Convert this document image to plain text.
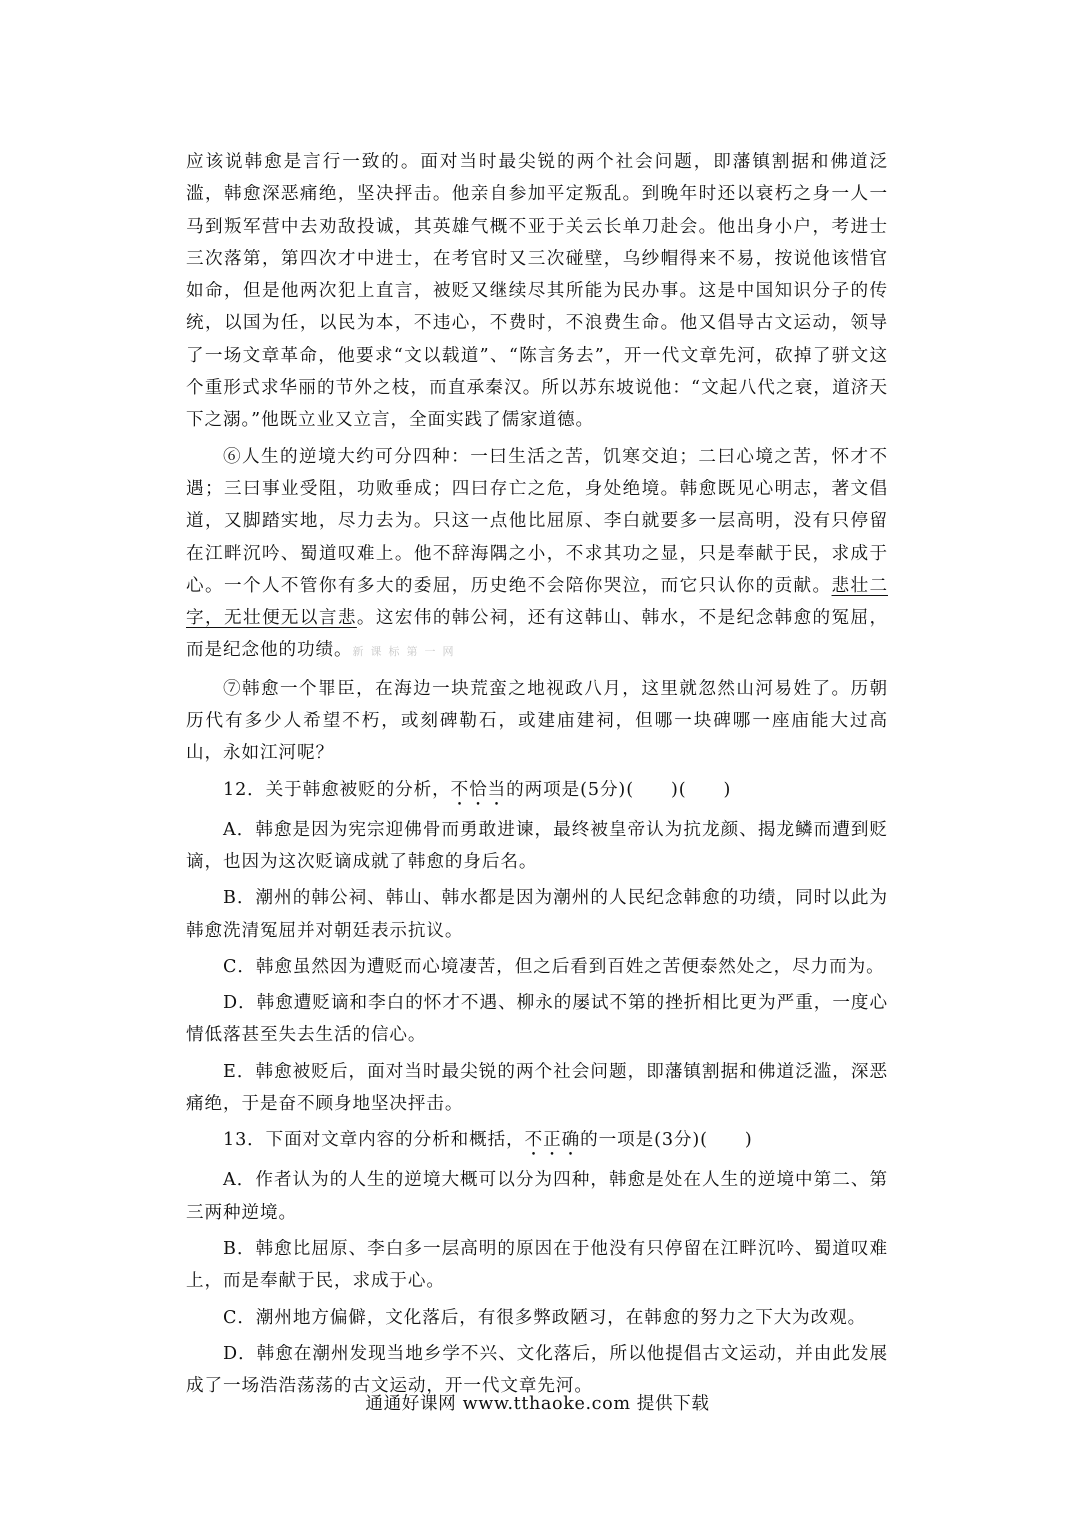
应该说韩愈是言行一致的。面对当时最尖锐的两个社会问题，即藩镇割据和佛道泛滥，韩愈深恶痛绝，坚决抨击。他亲自参加平定叛乱。到晚年时还以衰朽之身一人一马到叛军营中去劝敌投诚，其英雄气概不亚于关云长单刀赴会。他出身小户，考进士三次落第，第四次才中进士，在考官时又三次碰壁，乌纱帽得来不易，按说他该惜官如命，但是他两次犯上直言，被贬又继续尽其所能为民办事。这是中国知识分子的传统，以国为任，以民为本，不违心，不费时，不浪费生命。他又倡导古文运动，领导了一场文章革命，他要求“文以载道”、“陈言务去”，开一代文章先河，砍掉了骈文这个重形式求华丽的节外之枝，而直承秦汉。所以苏东坡说他：“文起八代之衰，道济天下之溺。”他既立业又立言，全面实践了儒家道德。

⑥人生的逆境大约可分四种：一曰生活之苦，饥寒交迫；二曰心境之苦，怀才不遇；三曰事业受阻，功败垂成；四曰存亡之危，身处绝境。韩愈既见心明志，著文倡道，又脚踏实地，尽力去为。只这一点他比屈原、李白就要多一层高明，没有只停留在江畔沉吟、蜀道叹难上。他不辞海隅之小，不求其功之显，只是奉献于民，求成于心。一个人不管你有多大的委屈，历史绝不会陪你哭泣，而它只认你的贡献。悲壮二字，无壮便无以言悲。这宏伟的韩公祠，还有这韩山、韩水，不是纪念韩愈的冤屈，而是纪念他的功绩。新课标第一网

⑦韩愈一个罪臣，在海边一块荒蛮之地视政八月，这里就忽然山河易姓了。历朝历代有多少人希望不朽，或刻碑勒石，或建庙建祠，但哪一块碑哪一座庙能大过高山，永如江河呢？

12．关于韩愈被贬的分析，不恰当的两项是(5分)(　　)(　　)

A．韩愈是因为宪宗迎佛骨而勇敢进谏，最终被皇帝认为抗龙颜、揭龙鳞而遭到贬谪，也因为这次贬谪成就了韩愈的身后名。

B．潮州的韩公祠、韩山、韩水都是因为潮州的人民纪念韩愈的功绩，同时以此为韩愈洗清冤屈并对朝廷表示抗议。

C．韩愈虽然因为遭贬而心境凄苦，但之后看到百姓之苦便泰然处之，尽力而为。

D．韩愈遭贬谪和李白的怀才不遇、柳永的屡试不第的挫折相比更为严重，一度心情低落甚至失去生活的信心。

E．韩愈被贬后，面对当时最尖锐的两个社会问题，即藩镇割据和佛道泛滥，深恶痛绝，于是奋不顾身地坚决抨击。

13．下面对文章内容的分析和概括，不正确的一项是(3分)(　　)

A．作者认为的人生的逆境大概可以分为四种，韩愈是处在人生的逆境中第二、第三两种逆境。

B．韩愈比屈原、李白多一层高明的原因在于他没有只停留在江畔沉吟、蜀道叹难上，而是奉献于民，求成于心。

C．潮州地方偏僻，文化落后，有很多弊政陋习，在韩愈的努力之下大为改观。

D．韩愈在潮州发现当地乡学不兴、文化落后，所以他提倡古文运动，并由此发展成了一场浩浩荡荡的古文运动，开一代文章先河。

通通好课网 www.tthaoke.com 提供下载
